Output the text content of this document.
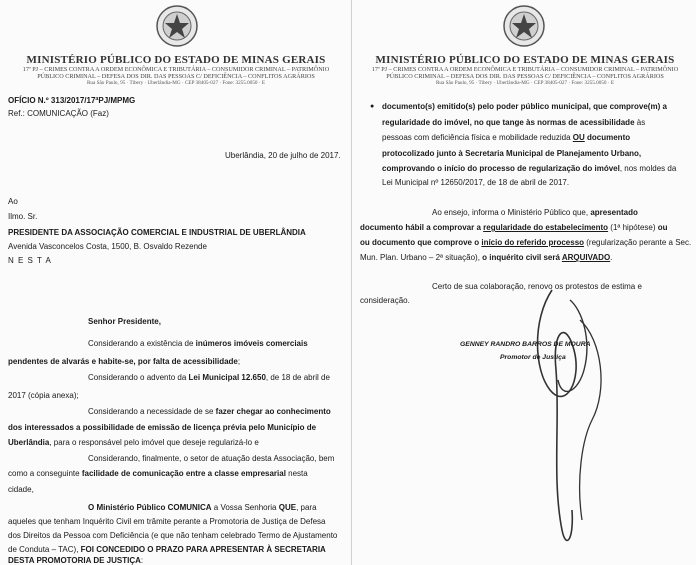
MINISTÉRIO PÚBLICO DO ESTADO DE MINAS GERAIS
17ª PJ – CRIMES CONTRA A ORDEM ECONÔMICA E TRIBUTÁRIA – CONSUMIDOR CRIMINAL – PATRIMÔNIO
PÚBLICO CRIMINAL – DEFESA DOS DIR. DAS PESSOAS C/ DEFICIÊNCIA – CONFLITOS AGRÁRIOS
Rua São Paulo, 95 · Tibery · Uberlândia-MG · CEP 38405-027 · Fone: 3255.0050 · E
OFÍCIO N.º 313/2017/17ªPJ/MPMG
Ref.: COMUNICAÇÃO (Faz)
Uberlândia, 20 de julho de 2017.
Ao
Ilmo. Sr.
PRESIDENTE DA ASSOCIAÇÃO COMERCIAL E INDUSTRIAL DE UBERLÂNDIA
Avenida Vasconcelos Costa, 1500, B. Osvaldo Rezende
N E S T A
Senhor Presidente,
Considerando a existência de inúmeros imóveis comerciais
pendentes de alvarás e habite-se, por falta de acessibilidade;
Considerando o advento da Lei Municipal 12.650, de 18 de abril de
2017 (cópia anexa);
Considerando a necessidade de se fazer chegar ao conhecimento
dos interessados a possibilidade de emissão de licença prévia pelo Município de
Uberlândia, para o responsável pelo imóvel que deseje regularizá-lo e
Considerando, finalmente, o setor de atuação desta Associação, bem
como a conseguinte facilidade de comunicação entre a classe empresarial nesta
cidade,
O Ministério Público COMUNICA a Vossa Senhoria QUE, para
aqueles que tenham Inquérito Civil em trâmite perante a Promotoria de Justiça de Defesa
dos Direitos da Pessoa com Deficiência (e que não tenham celebrado Termo de Ajustamento
de Conduta – TAC), FOI CONCEDIDO O PRAZO PARA APRESENTAR À SECRETARIA
DESTA PROMOTORIA DE JUSTIÇA:
MINISTÉRIO PÚBLICO DO ESTADO DE MINAS GERAIS
17ª PJ – CRIMES CONTRA A ORDEM ECONÔMICA E TRIBUTÁRIA – CONSUMIDOR CRIMINAL – PATRIMÔNIO
PÚBLICO CRIMINAL – DEFESA DOS DIR. DAS PESSOAS C/ DEFICIÊNCIA – CONFLITOS AGRÁRIOS
Rua São Paulo, 95 · Tibery · Uberlândia-MG · CEP 38405-027 · Fone: 3255.0050 · E
● documento(s) emitido(s) pelo poder público municipal, que comprove(m) a
regularidade do imóvel, no que tange às normas de acessibilidade às
pessoas com deficiência física e mobilidade reduzida OU documento
protocolizado junto à Secretaria Municipal de Planejamento Urbano,
comprovando o início do processo de regularização do imóvel, nos moldes da
Lei Municipal nº 12650/2017, de 18 de abril de 2017.
Ao ensejo, informa o Ministério Público que, apresentado
documento hábil a comprovar a regularidade do estabelecimento (1ª hipótese) ou
ou documento que comprove o início do referido processo (regularização perante a Sec.
Mun. Plan. Urbano – 2ª situação), o inquérito civil será ARQUIVADO.
Certo de sua colaboração, renovo os protestos de estima e
consideração.
GENNEY RANDRO BARROS DE MOURA
Promotor de Justiça
